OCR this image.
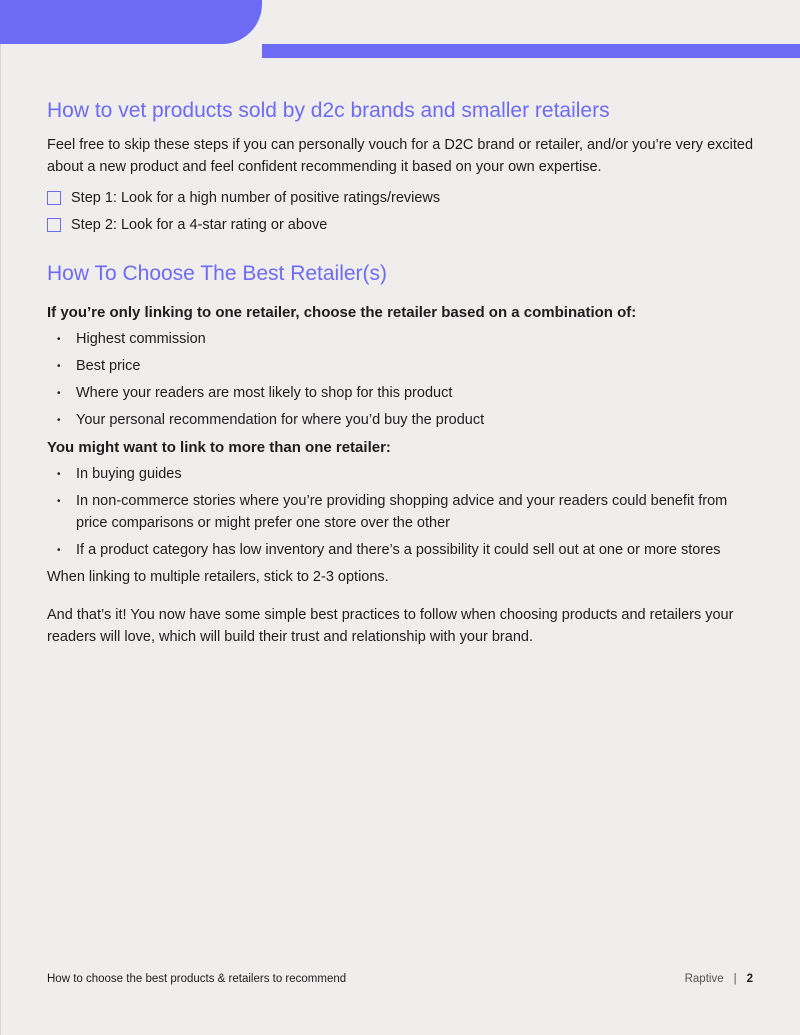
How to vet products sold by d2c brands and smaller retailers

Feel free to skip these steps if you can personally vouch for a D2C brand or retailer, and/or you’re very excited about a new product and feel confident recommending it based on your own expertise.

Step 1: Look for a high number of positive ratings/reviews
Step 2: Look for a 4-star rating or above
How To Choose The Best Retailer(s)

If you’re only linking to one retailer, choose the retailer based on a combination of:

• Highest commission
• Best price
• Where your readers are most likely to shop for this product
• Your personal recommendation for where you’d buy the product

You might want to link to more than one retailer:

• In buying guides
• In non-commerce stories where you’re providing shopping advice and your readers could benefit from price comparisons or might prefer one store over the other
• If a product category has low inventory and there’s a possibility it could sell out at one or more stores

When linking to multiple retailers, stick to 2-3 options.

And that’s it! You now have some simple best practices to follow when choosing products and retailers your readers will love, which will build their trust and relationship with your brand.

How to choose the best products & retailers to recommend	Raptive | 2
